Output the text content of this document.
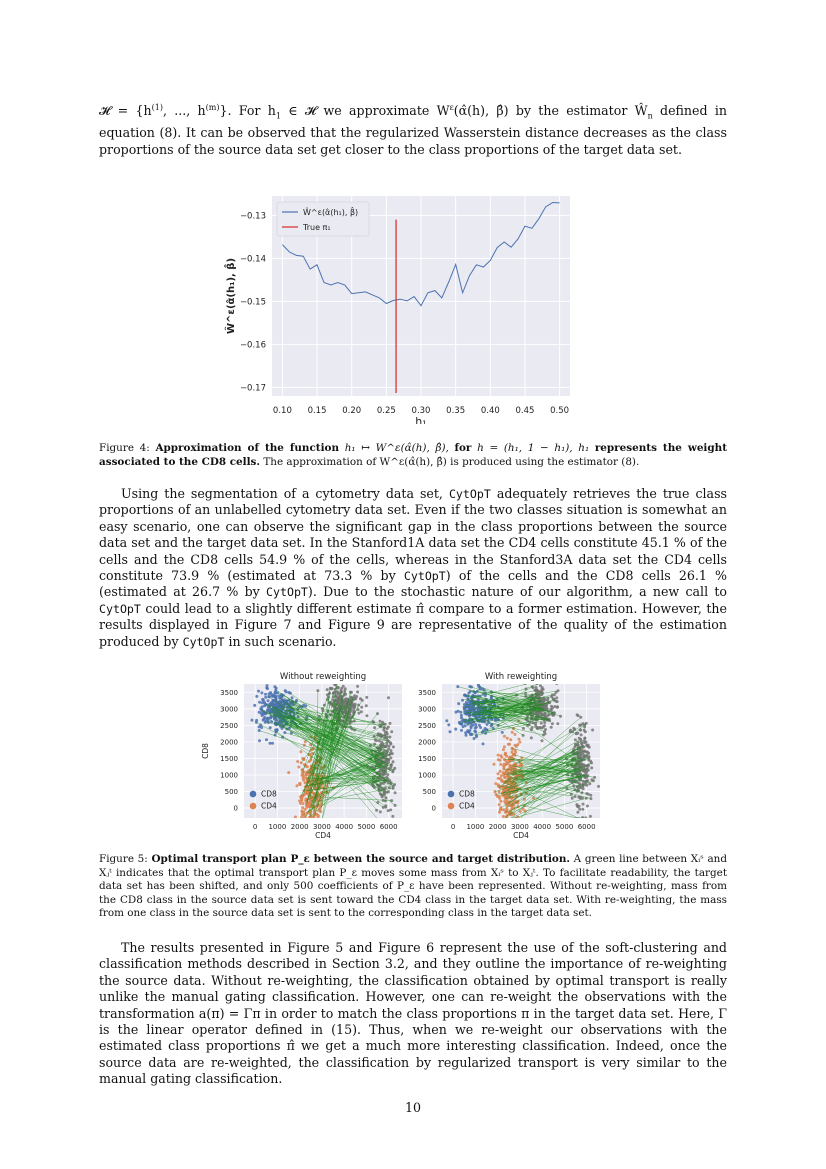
𝓗 = {$h^{(1)}$, ..., $h^{(m)}$}. For $h_1$ ∈ 𝓗 we approximate $W^\varepsilon(\alphâ(h)$, β̂) by the estimator $Ŵ_n$ defined in equation (8). It can be observed that the regularized Wasserstein distance decreases as the class proportions of the source data set get closer to the class proportions of the target data set.
0.10 0.15 0.20 0.25 0.30 0.35 0.40 0.45 0.50
−0.13
−0.14
−0.15
−0.16
−0.17
Ŵ^ε(α̂(h₁), β̂)
True π₁
h₁
Ŵ^ε(α̂(h₁), β̂)
Figure 4: Approximation of the function h₁ ↦ W^ε(α̂(h), β̂), for h = (h₁, 1 − h₁), h₁ represents the weight associated to the CD8 cells. The approximation of W^ε(α̂(h), β̂) is produced using the estimator (8).
Using the segmentation of a cytometry data set, CytOpT adequately retrieves the true class proportions of an unlabelled cytometry data set. Even if the two classes situation is somewhat an easy scenario, one can observe the significant gap in the class proportions between the source data set and the target data set. In the Stanford1A data set the CD4 cells constitute 45.1 % of the cells and the CD8 cells 54.9 % of the cells, whereas in the Stanford3A data set the CD4 cells constitute 73.9 % (estimated at 73.3 % by CytOpT) of the cells and the CD8 cells 26.1 % (estimated at 26.7 % by CytOpT). Due to the stochastic nature of our algorithm, a new call to CytOpT could lead to a slightly different estimate π̂ compare to a former estimation. However, the results displayed in Figure 7 and Figure 9 are representative of the quality of the estimation produced by CytOpT in such scenario.
0 1000 2000 3000 4000 5000 6000
0
500
1000
1500
2000
2500
3000
3500
Without reweighting
CD4
CD8
CD8
CD4
0 1000 2000 3000 4000 5000 6000
0
500
1000
1500
2000
2500
3000
3500
With reweighting
CD4
CD8
CD4
Figure 5: Optimal transport plan P_ε between the source and target distribution. A green line between Xᵢˢ and Xⱼᵗ indicates that the optimal transport plan P_ε moves some mass from Xᵢˢ to Xⱼᵗ. To facilitate readability, the target data set has been shifted, and only 500 coefficients of P_ε have been represented. Without re-weighting, mass from the CD8 class in the source data set is sent toward the CD4 class in the target data set. With re-weighting, the mass from one class in the source data set is sent to the corresponding class in the target data set.
The results presented in Figure 5 and Figure 6 represent the use of the soft-clustering and classification methods described in Section 3.2, and they outline the importance of re-weighting the source data. Without re-weighting, the classification obtained by optimal transport is really unlike the manual gating classification. However, one can re-weight the observations with the transformation a(π) = Γπ in order to match the class proportions π in the target data set. Here, Γ is the linear operator defined in (15). Thus, when we re-weight our observations with the estimated class proportions π̂ we get a much more interesting classification. Indeed, once the source data are re-weighted, the classification by regularized transport is very similar to the manual gating classification.
10
